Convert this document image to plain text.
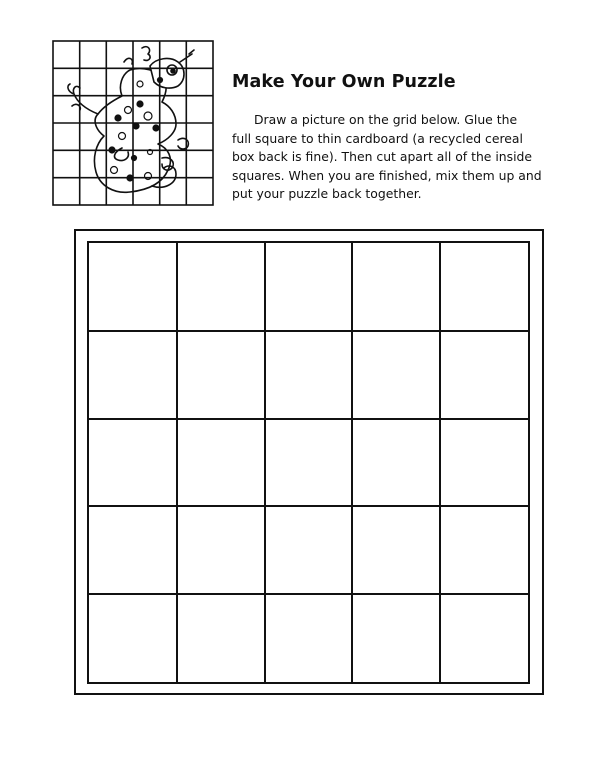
Make Your Own Puzzle

Draw a picture on the grid below. Glue the
full square to thin cardboard (a recycled cereal
box back is fine). Then cut apart all of the inside
squares. When you are finished, mix them up and
put your puzzle back together.
